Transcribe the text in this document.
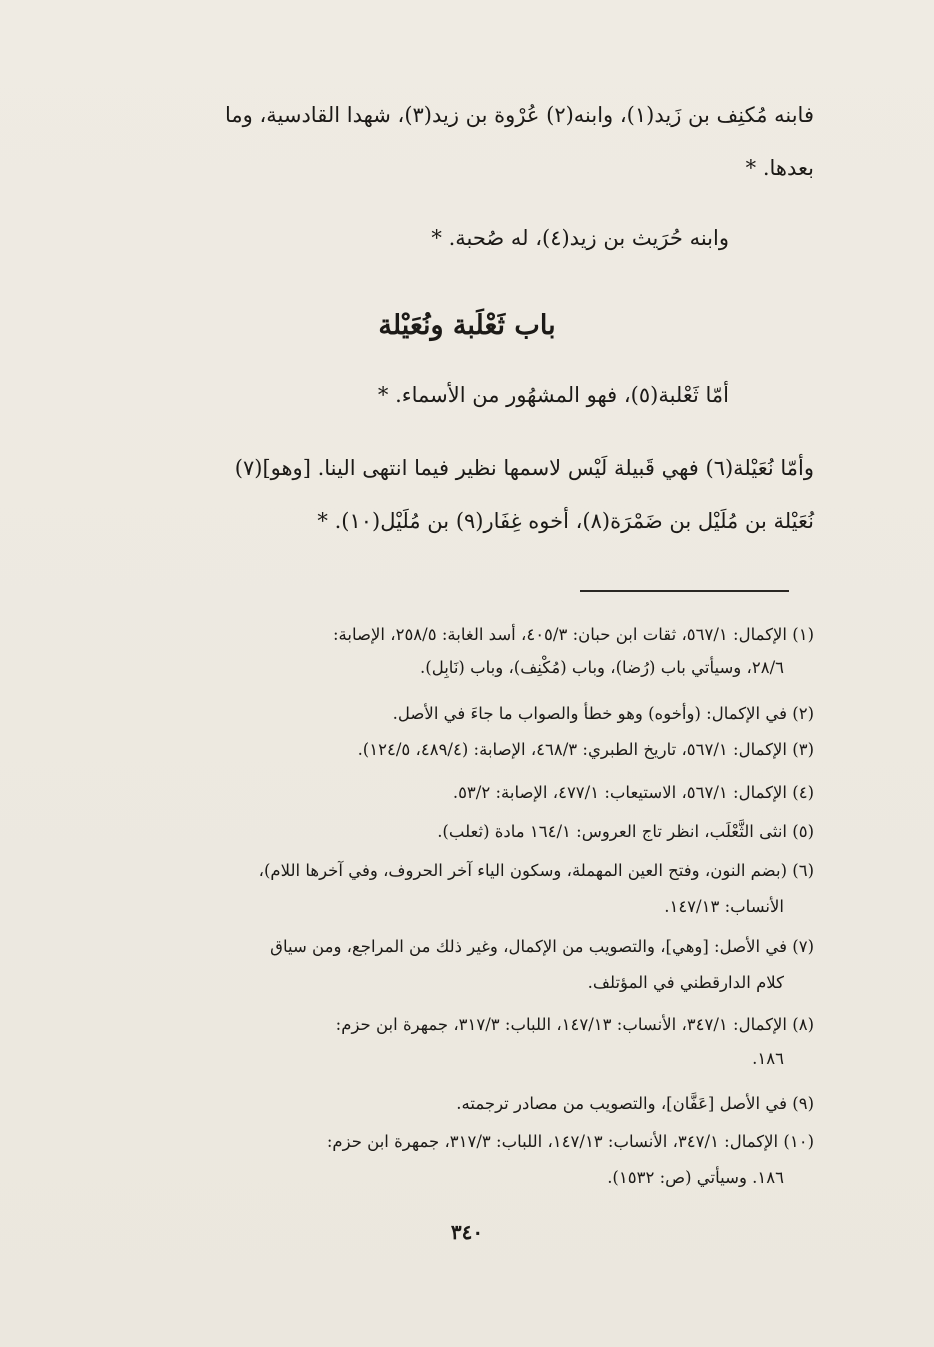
فابنه مُكنِف بن زَيد(١)، وابنه(٢) عُرْوة بن زيد(٣)، شهدا القادسية، وما
بعدها. *
وابنه حُرَيث بن زيد(٤)، له صُحبة. *
باب ثَعْلَبة ونُعَيْلة
أمّا ثَعْلبة(٥)، فهو المشهُور من الأسماء. *
وأمّا نُعَيْلة(٦) فهي قَبيلة لَيْس لاسمها نظير فيما انتهى الينا. [وهو](٧)
نُعَيْلة بن مُلَيْل بن ضَمْرَة(٨)، أخوه غِفَار(٩) بن مُلَيْل(١٠). *
(١) الإكمال: ٥٦٧/١، ثقات ابن حبان: ٤٠٥/٣، أسد الغابة: ٢٥٨/٥، الإصابة:
٢٨/٦، وسيأتي باب (رُضا)، وباب (مُكْنِف)، وباب (نَابِل).
(٢) في الإكمال: (وأخوه) وهو خطأ والصواب ما جاءَ في الأصل.
(٣) الإكمال: ٥٦٧/١، تاريخ الطبري: ٤٦٨/٣، الإصابة: (٤٨٩/٤، ١٢٤/٥).
(٤) الإكمال: ٥٦٧/١، الاستيعاب: ٤٧٧/١، الإصابة: ٥٣/٢.
(٥) انثى الثَّعْلَب، انظر تاج العروس: ١٦٤/١ مادة (ثعلب).
(٦) (بضم النون، وفتح العين المهملة، وسكون الياء آخر الحروف، وفي آخرها اللام)،
الأنساب: ١٤٧/١٣.
(٧) في الأصل: [وهي]، والتصويب من الإكمال، وغير ذلك من المراجع، ومن سياق
كلام الدارقطني في المؤتلف.
(٨) الإكمال: ٣٤٧/١، الأنساب: ١٤٧/١٣، اللباب: ٣١٧/٣، جمهرة ابن حزم:
١٨٦.
(٩) في الأصل [عَفَّان]، والتصويب من مصادر ترجمته.
(١٠) الإكمال: ٣٤٧/١، الأنساب: ١٤٧/١٣، اللباب: ٣١٧/٣، جمهرة ابن حزم:
١٨٦. وسيأتي (ص: ١٥٣٢).
٣٤٠
